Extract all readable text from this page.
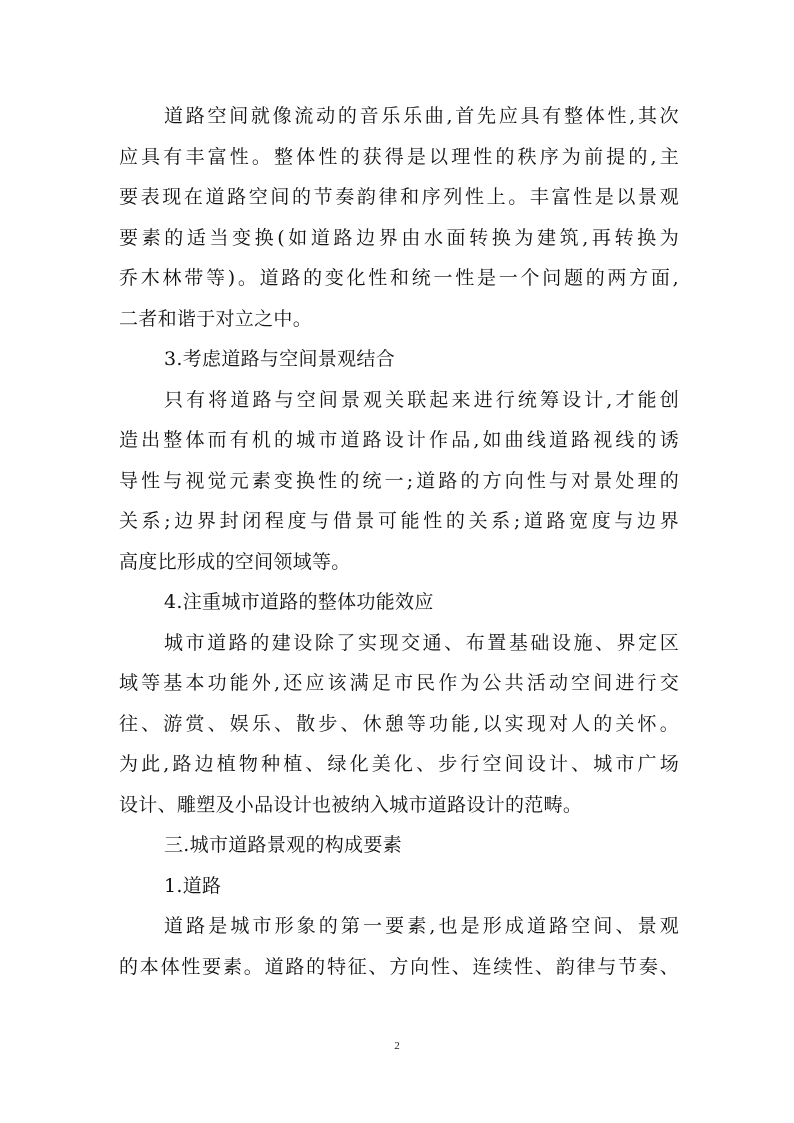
道路空间就像流动的音乐乐曲,首先应具有整体性,其次
应具有丰富性。整体性的获得是以理性的秩序为前提的,主
要表现在道路空间的节奏韵律和序列性上。丰富性是以景观
要素的适当变换(如道路边界由水面转换为建筑,再转换为
乔木林带等)。道路的变化性和统一性是一个问题的两方面,
二者和谐于对立之中。
3.考虑道路与空间景观结合
只有将道路与空间景观关联起来进行统筹设计,才能创
造出整体而有机的城市道路设计作品,如曲线道路视线的诱
导性与视觉元素变换性的统一;道路的方向性与对景处理的
关系;边界封闭程度与借景可能性的关系;道路宽度与边界
高度比形成的空间领域等。
4.注重城市道路的整体功能效应
城市道路的建设除了实现交通、布置基础设施、界定区
域等基本功能外,还应该满足市民作为公共活动空间进行交
往、游赏、娱乐、散步、休憩等功能,以实现对人的关怀。
为此,路边植物种植、绿化美化、步行空间设计、城市广场
设计、雕塑及小品设计也被纳入城市道路设计的范畴。
三.城市道路景观的构成要素
1.道路
道路是城市形象的第一要素,也是形成道路空间、景观
的本体性要素。道路的特征、方向性、连续性、韵律与节奏、
2
